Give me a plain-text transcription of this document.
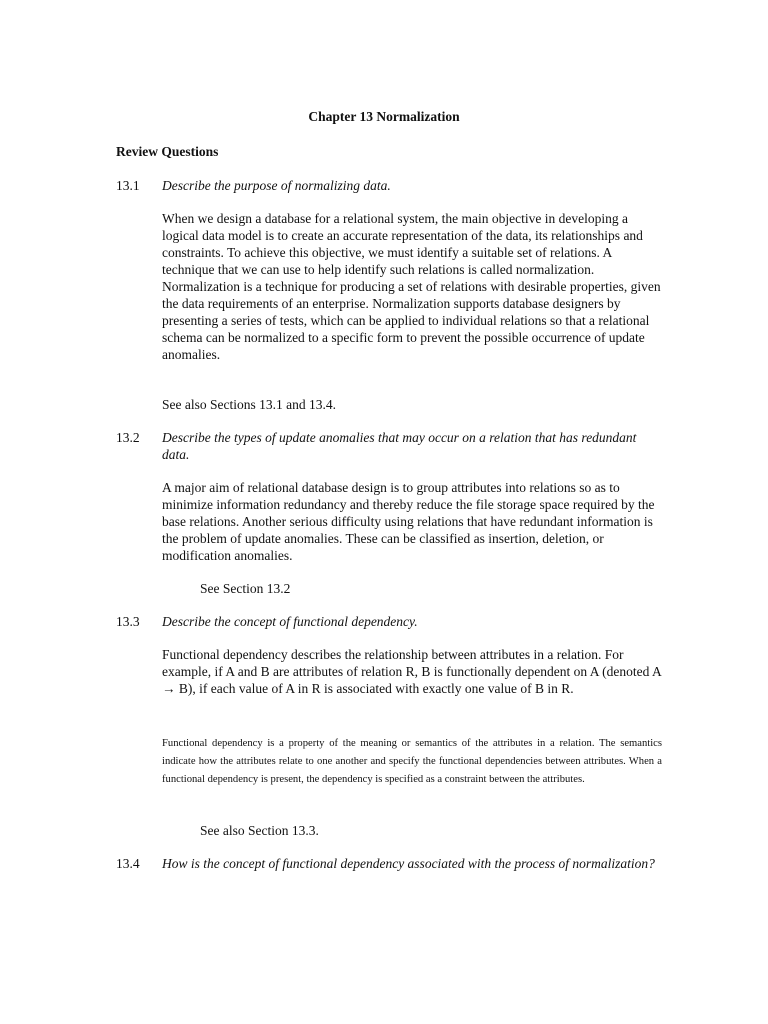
Chapter 13 Normalization
Review Questions
13.1 Describe the purpose of normalizing data.
When we design a database for a relational system, the main objective in developing a logical data model is to create an accurate representation of the data, its relationships and constraints. To achieve this objective, we must identify a suitable set of relations. A technique that we can use to help identify such relations is called normalization. Normalization is a technique for producing a set of relations with desirable properties, given the data requirements of an enterprise. Normalization supports database designers by presenting a series of tests, which can be applied to individual relations so that a relational schema can be normalized to a specific form to prevent the possible occurrence of update anomalies.
See also Sections 13.1 and 13.4.
13.2 Describe the types of update anomalies that may occur on a relation that has redundant data.
A major aim of relational database design is to group attributes into relations so as to minimize information redundancy and thereby reduce the file storage space required by the base relations. Another serious difficulty using relations that have redundant information is the problem of update anomalies. These can be classified as insertion, deletion, or modification anomalies.
See Section 13.2
13.3 Describe the concept of functional dependency.
Functional dependency describes the relationship between attributes in a relation. For example, if A and B are attributes of relation R, B is functionally dependent on A (denoted A → B), if each value of A in R is associated with exactly one value of B in R.
Functional dependency is a property of the meaning or semantics of the attributes in a relation. The semantics indicate how the attributes relate to one another and specify the functional dependencies between attributes. When a functional dependency is present, the dependency is specified as a constraint between the attributes.
See also Section 13.3.
13.4 How is the concept of functional dependency associated with the process of normalization?
